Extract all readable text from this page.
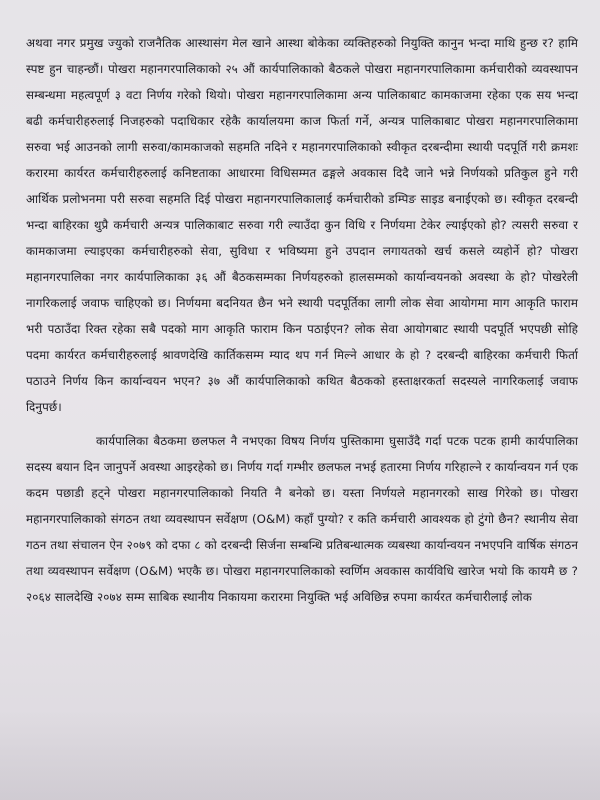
अथवा नगर प्रमुख ज्युको राजनैतिक आस्थासंग मेल खाने आस्था बोकेका व्यक्तिहरुको नियुक्ति कानुन भन्दा माथि हुन्छ र? हामि स्पष्ट हुन चाहन्छौं। पोखरा महानगरपालिकाको २५ औं कार्यपालिकाको बैठकले पोखरा महानगरपालिकामा कर्मचारीको व्यवस्थापन सम्बन्धमा महत्वपूर्ण ३ वटा निर्णय गरेको थियो। पोखरा महानगरपालिकामा अन्य पालिकाबाट कामकाजमा रहेका एक सय भन्दा बढी कर्मचारीहरुलाई निजहरुको पदाधिकार रहेकै कार्यालयमा काज फिर्ता गर्ने, अन्यत्र पालिकाबाट पोखरा महानगरपालिकामा सरुवा भई आउनको लागी सरुवा/कामकाजको सहमति नदिने र महानगरपालिकाको स्वीकृत दरबन्दीमा स्थायी पदपूर्ति गरी क्रमशः करारमा कार्यरत कर्मचारीहरुलाई कनिष्टताका आधारमा विधिसम्मत ढङ्गले अवकास दिदै जाने भन्ने निर्णयको प्रतिकुल हुने गरी आर्थिक प्रलोभनमा परी सरुवा सहमति दिई पोखरा महानगरपालिकालाई कर्मचारीको डम्पिङ साइड बनाईएको छ। स्वीकृत दरबन्दी भन्दा बाहिरका थुप्रै कर्मचारी अन्यत्र पालिकाबाट सरुवा गरी ल्याउँदा कुन विधि र निर्णयमा टेकेर ल्याईएको हो? त्यसरी सरुवा र कामकाजमा ल्याइएका कर्मचारीहरुको सेवा, सुविधा र भविष्यमा हुने उपदान लगायतको खर्च कसले व्यहोर्ने हो? पोखरा महानगरपालिका नगर कार्यपालिकाका ३६ औं बैठकसम्मका निर्णयहरुको हालसम्मको कार्यान्वयनको अवस्था के हो? पोखरेली नागरिकलाई जवाफ चाहिएको छ। निर्णयमा बदनियत छैन भने स्थायी पदपूर्तिका लागी लोक सेवा आयोगमा माग आकृति फाराम भरी पठाउँदा रिक्त रहेका सबै पदको माग आकृति फाराम किन पठाईएन? लोक सेवा आयोगबाट स्थायी पदपूर्ति भएपछी सोहि पदमा कार्यरत कर्मचारीहरुलाई श्रावणदेखि कार्तिकसम्म म्याद थप गर्न मिल्ने आधार के हो ? दरबन्दी बाहिरका कर्मचारी फिर्ता पठाउने निर्णय किन कार्यान्वयन भएन? ३७ औं कार्यपालिकाको कथित बैठकको हस्ताक्षरकर्ता सदस्यले नागरिकलाई जवाफ दिनुपर्छ।

कार्यपालिका बैठकमा छलफल नै नभएका विषय निर्णय पुस्तिकामा घुसाउँदै गर्दा पटक पटक हामी कार्यपालिका सदस्य बयान दिन जानुपर्ने अवस्था आइरहेको छ। निर्णय गर्दा गम्भीर छलफल नभई हतारमा निर्णय गरिहाल्ने र कार्यान्वयन गर्न एक कदम पछाडी हट्ने पोखरा महानगरपालिकाको नियति नै बनेको छ। यस्ता निर्णयले महानगरको साख गिरेको छ। पोखरा महानगरपालिकाको संगठन तथा व्यवस्थापन सर्वेक्षण (O&M) कहाँ पुग्यो? र कति कर्मचारी आवश्यक हो टुंगो छैन? स्थानीय सेवा गठन तथा संचालन ऐन २०७९ को दफा ८ को दरबन्दी सिर्जना सम्बन्धि प्रतिबन्धात्मक व्यबस्था कार्यान्वयन नभएपनि वार्षिक संगठन तथा व्यवस्थापन सर्वेक्षण (O&M) भएकै छ। पोखरा महानगरपालिकाको स्वर्णिम अवकास कार्यविधि खारेज भयो कि कायमै छ ? २०६४ सालदेखि २०७४ सम्म साबिक स्थानीय निकायमा करारमा नियुक्ति भई अविछिन्न रुपमा कार्यरत कर्मचारीलाई लोक
